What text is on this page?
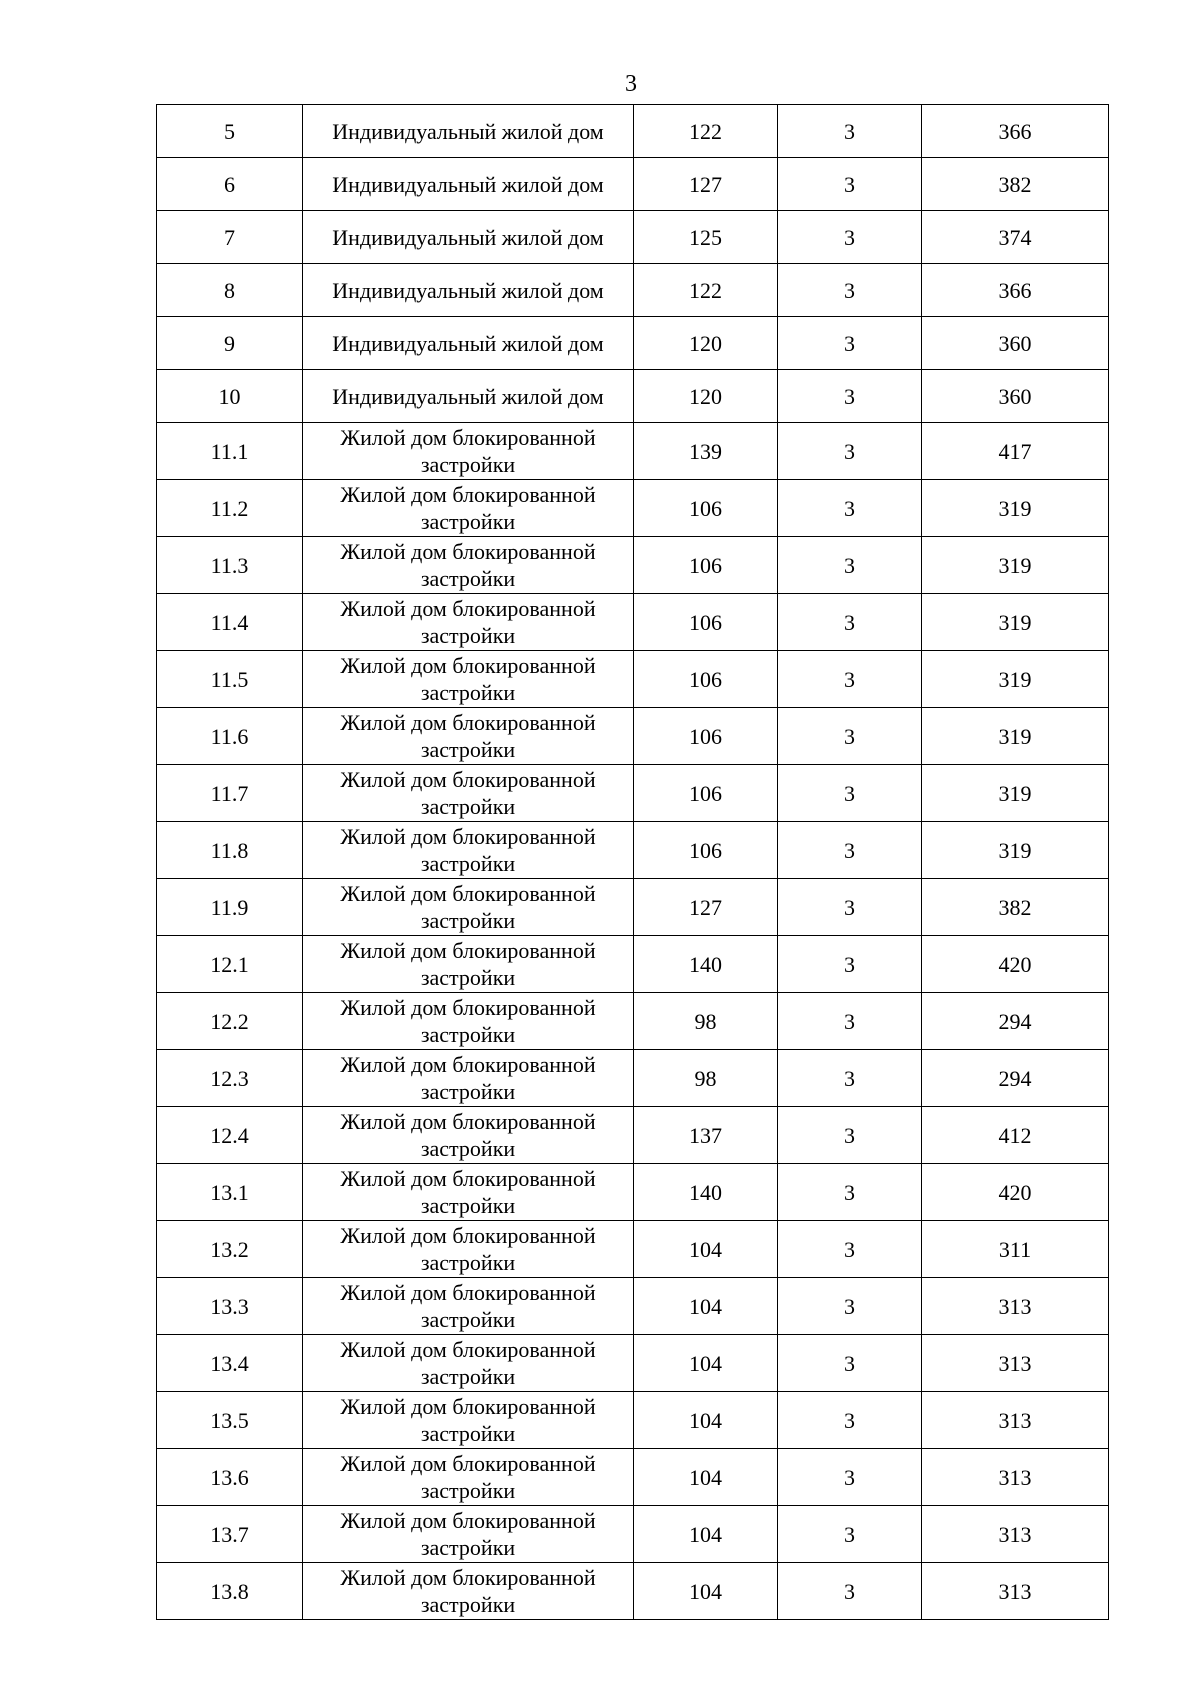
3
5	Индивидуальный жилой дом	122	3	366
6	Индивидуальный жилой дом	127	3	382
7	Индивидуальный жилой дом	125	3	374
8	Индивидуальный жилой дом	122	3	366
9	Индивидуальный жилой дом	120	3	360
10	Индивидуальный жилой дом	120	3	360
11.1	Жилой дом блокированной
застройки	139	3	417
11.2	Жилой дом блокированной
застройки	106	3	319
11.3	Жилой дом блокированной
застройки	106	3	319
11.4	Жилой дом блокированной
застройки	106	3	319
11.5	Жилой дом блокированной
застройки	106	3	319
11.6	Жилой дом блокированной
застройки	106	3	319
11.7	Жилой дом блокированной
застройки	106	3	319
11.8	Жилой дом блокированной
застройки	106	3	319
11.9	Жилой дом блокированной
застройки	127	3	382
12.1	Жилой дом блокированной
застройки	140	3	420
12.2	Жилой дом блокированной
застройки	98	3	294
12.3	Жилой дом блокированной
застройки	98	3	294
12.4	Жилой дом блокированной
застройки	137	3	412
13.1	Жилой дом блокированной
застройки	140	3	420
13.2	Жилой дом блокированной
застройки	104	3	311
13.3	Жилой дом блокированной
застройки	104	3	313
13.4	Жилой дом блокированной
застройки	104	3	313
13.5	Жилой дом блокированной
застройки	104	3	313
13.6	Жилой дом блокированной
застройки	104	3	313
13.7	Жилой дом блокированной
застройки	104	3	313
13.8	Жилой дом блокированной
застройки	104	3	313
